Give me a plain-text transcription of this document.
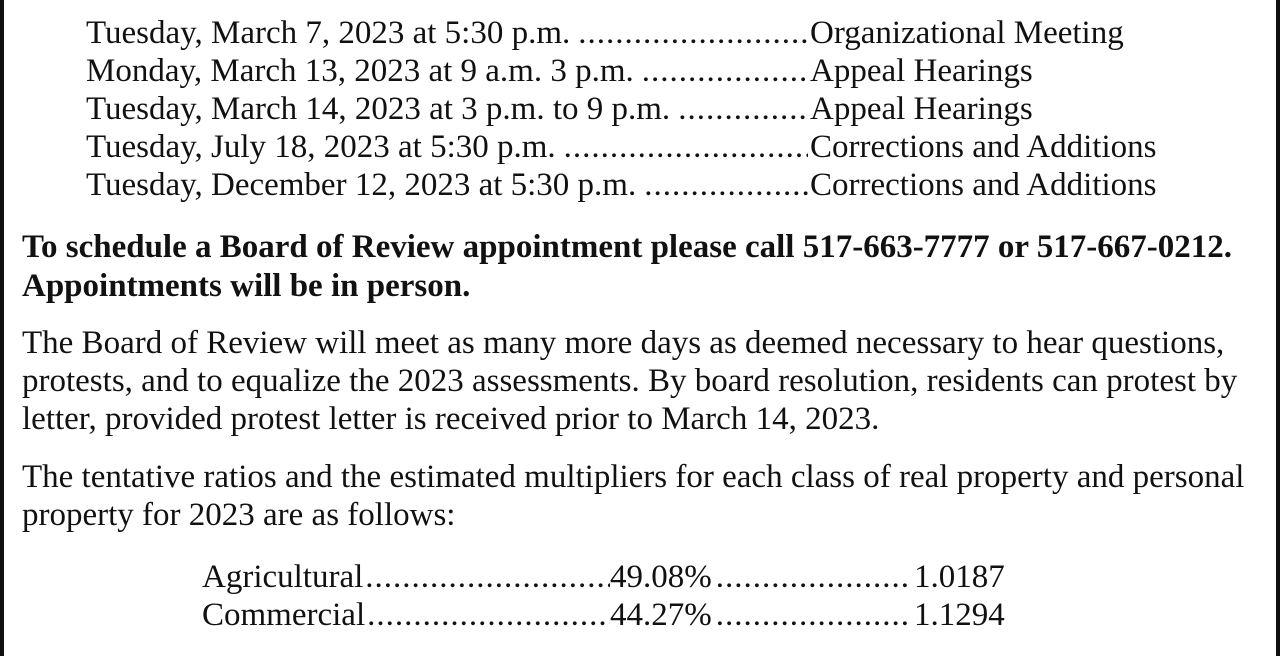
Tuesday, March 7, 2023 at 5:30 p.m. .....	Organizational Meeting
Monday, March 13, 2023 at 9 a.m. 3 p.m. .....	Appeal Hearings
Tuesday, March 14, 2023 at 3 p.m. to 9 p.m. .....	Appeal Hearings
Tuesday, July 18, 2023 at 5:30 p.m. .....	Corrections and Additions
Tuesday, December 12, 2023 at 5:30 p.m. .....	Corrections and Additions

To schedule a Board of Review appointment please call 517-663-7777 or 517-667-0212. Appointments will be in person.

The Board of Review will meet as many more days as deemed necessary to hear questions, protests, and to equalize the 2023 assessments. By board resolution, residents can protest by letter, provided protest letter is received prior to March 14, 2023.

The tentative ratios and the estimated multipliers for each class of real property and personal property for 2023 are as follows:

Agricultural .....	49.08% .....	1.0187
Commercial .....	44.27% .....	1.1294
